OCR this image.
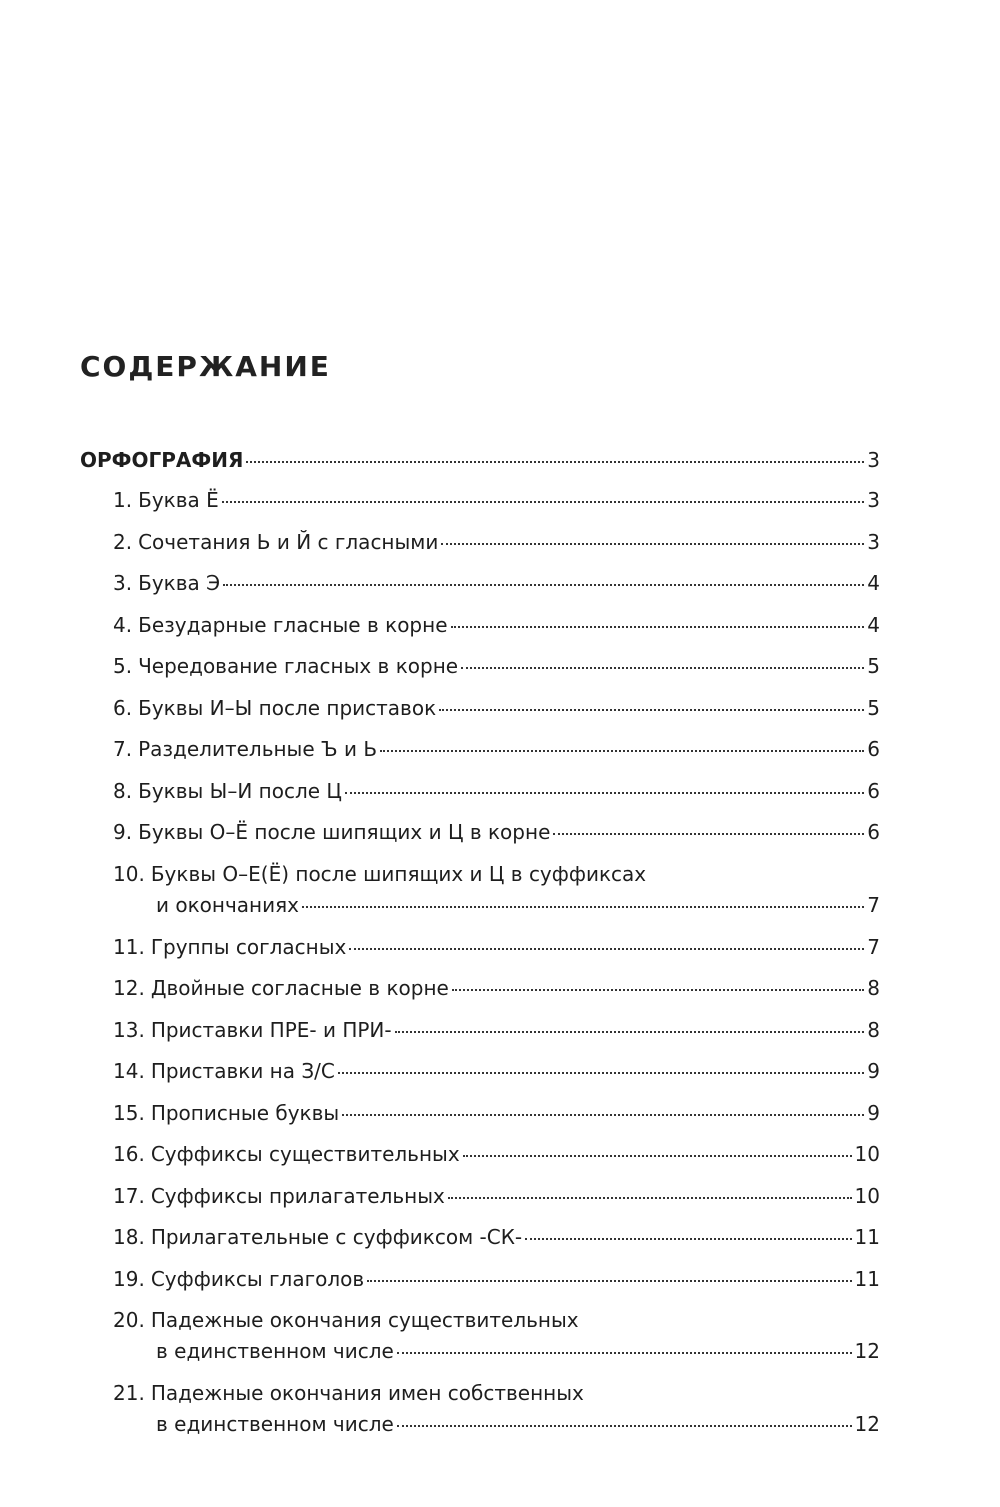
СОДЕРЖАНИЕ
ОРФОГРАФИЯ	3
1. Буква Ё	3
2. Сочетания Ь и Й с гласными	3
3. Буква Э	4
4. Безударные гласные в корне	4
5. Чередование гласных в корне	5
6. Буквы И–Ы после приставок	5
7. Разделительные Ъ и Ь	6
8. Буквы Ы–И после Ц	6
9. Буквы О–Ё после шипящих и Ц в корне	6
10. Буквы О–Е(Ё) после шипящих и Ц в суффиксах
и окончаниях	7
11. Группы согласных	7
12. Двойные согласные в корне	8
13. Приставки ПРЕ- и ПРИ-	8
14. Приставки на З/С	9
15. Прописные буквы	9
16. Суффиксы существительных	10
17. Суффиксы прилагательных	10
18. Прилагательные с суффиксом -СК-	11
19. Суффиксы глаголов	11
20. Падежные окончания существительных
в единственном числе	12
21. Падежные окончания имен собственных
в единственном числе	12
